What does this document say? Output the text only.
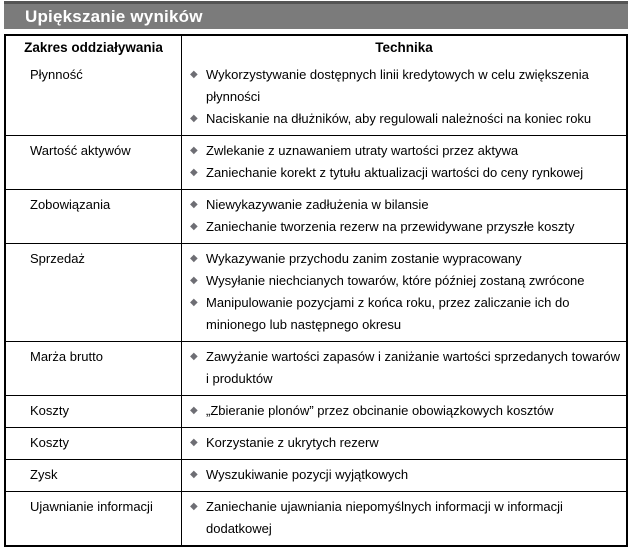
Upiększanie wyników
Zakres oddziaływania	Technika
Płynność	◆ Wykorzystywanie dostępnych linii kredytowych w celu zwiększenia płynności
◆ Naciskanie na dłużników, aby regulowali należności na koniec roku
Wartość aktywów	◆ Zwlekanie z uznawaniem utraty wartości przez aktywa
◆ Zaniechanie korekt z tytułu aktualizacji wartości do ceny rynkowej
Zobowiązania	◆ Niewykazywanie zadłużenia w bilansie
◆ Zaniechanie tworzenia rezerw na przewidywane przyszłe koszty
Sprzedaż	◆ Wykazywanie przychodu zanim zostanie wypracowany
◆ Wysyłanie niechcianych towarów, które później zostaną zwrócone
◆ Manipulowanie pozycjami z końca roku, przez zaliczanie ich do minionego lub następnego okresu
Marża brutto	◆ Zawyżanie wartości zapasów i zaniżanie wartości sprzedanych towarów i produktów
Koszty	◆ „Zbieranie plonów” przez obcinanie obowiązkowych kosztów
Koszty	◆ Korzystanie z ukrytych rezerw
Zysk	◆ Wyszukiwanie pozycji wyjątkowych
Ujawnianie informacji	◆ Zaniechanie ujawniania niepomyślnych informacji w informacji dodatkowej
